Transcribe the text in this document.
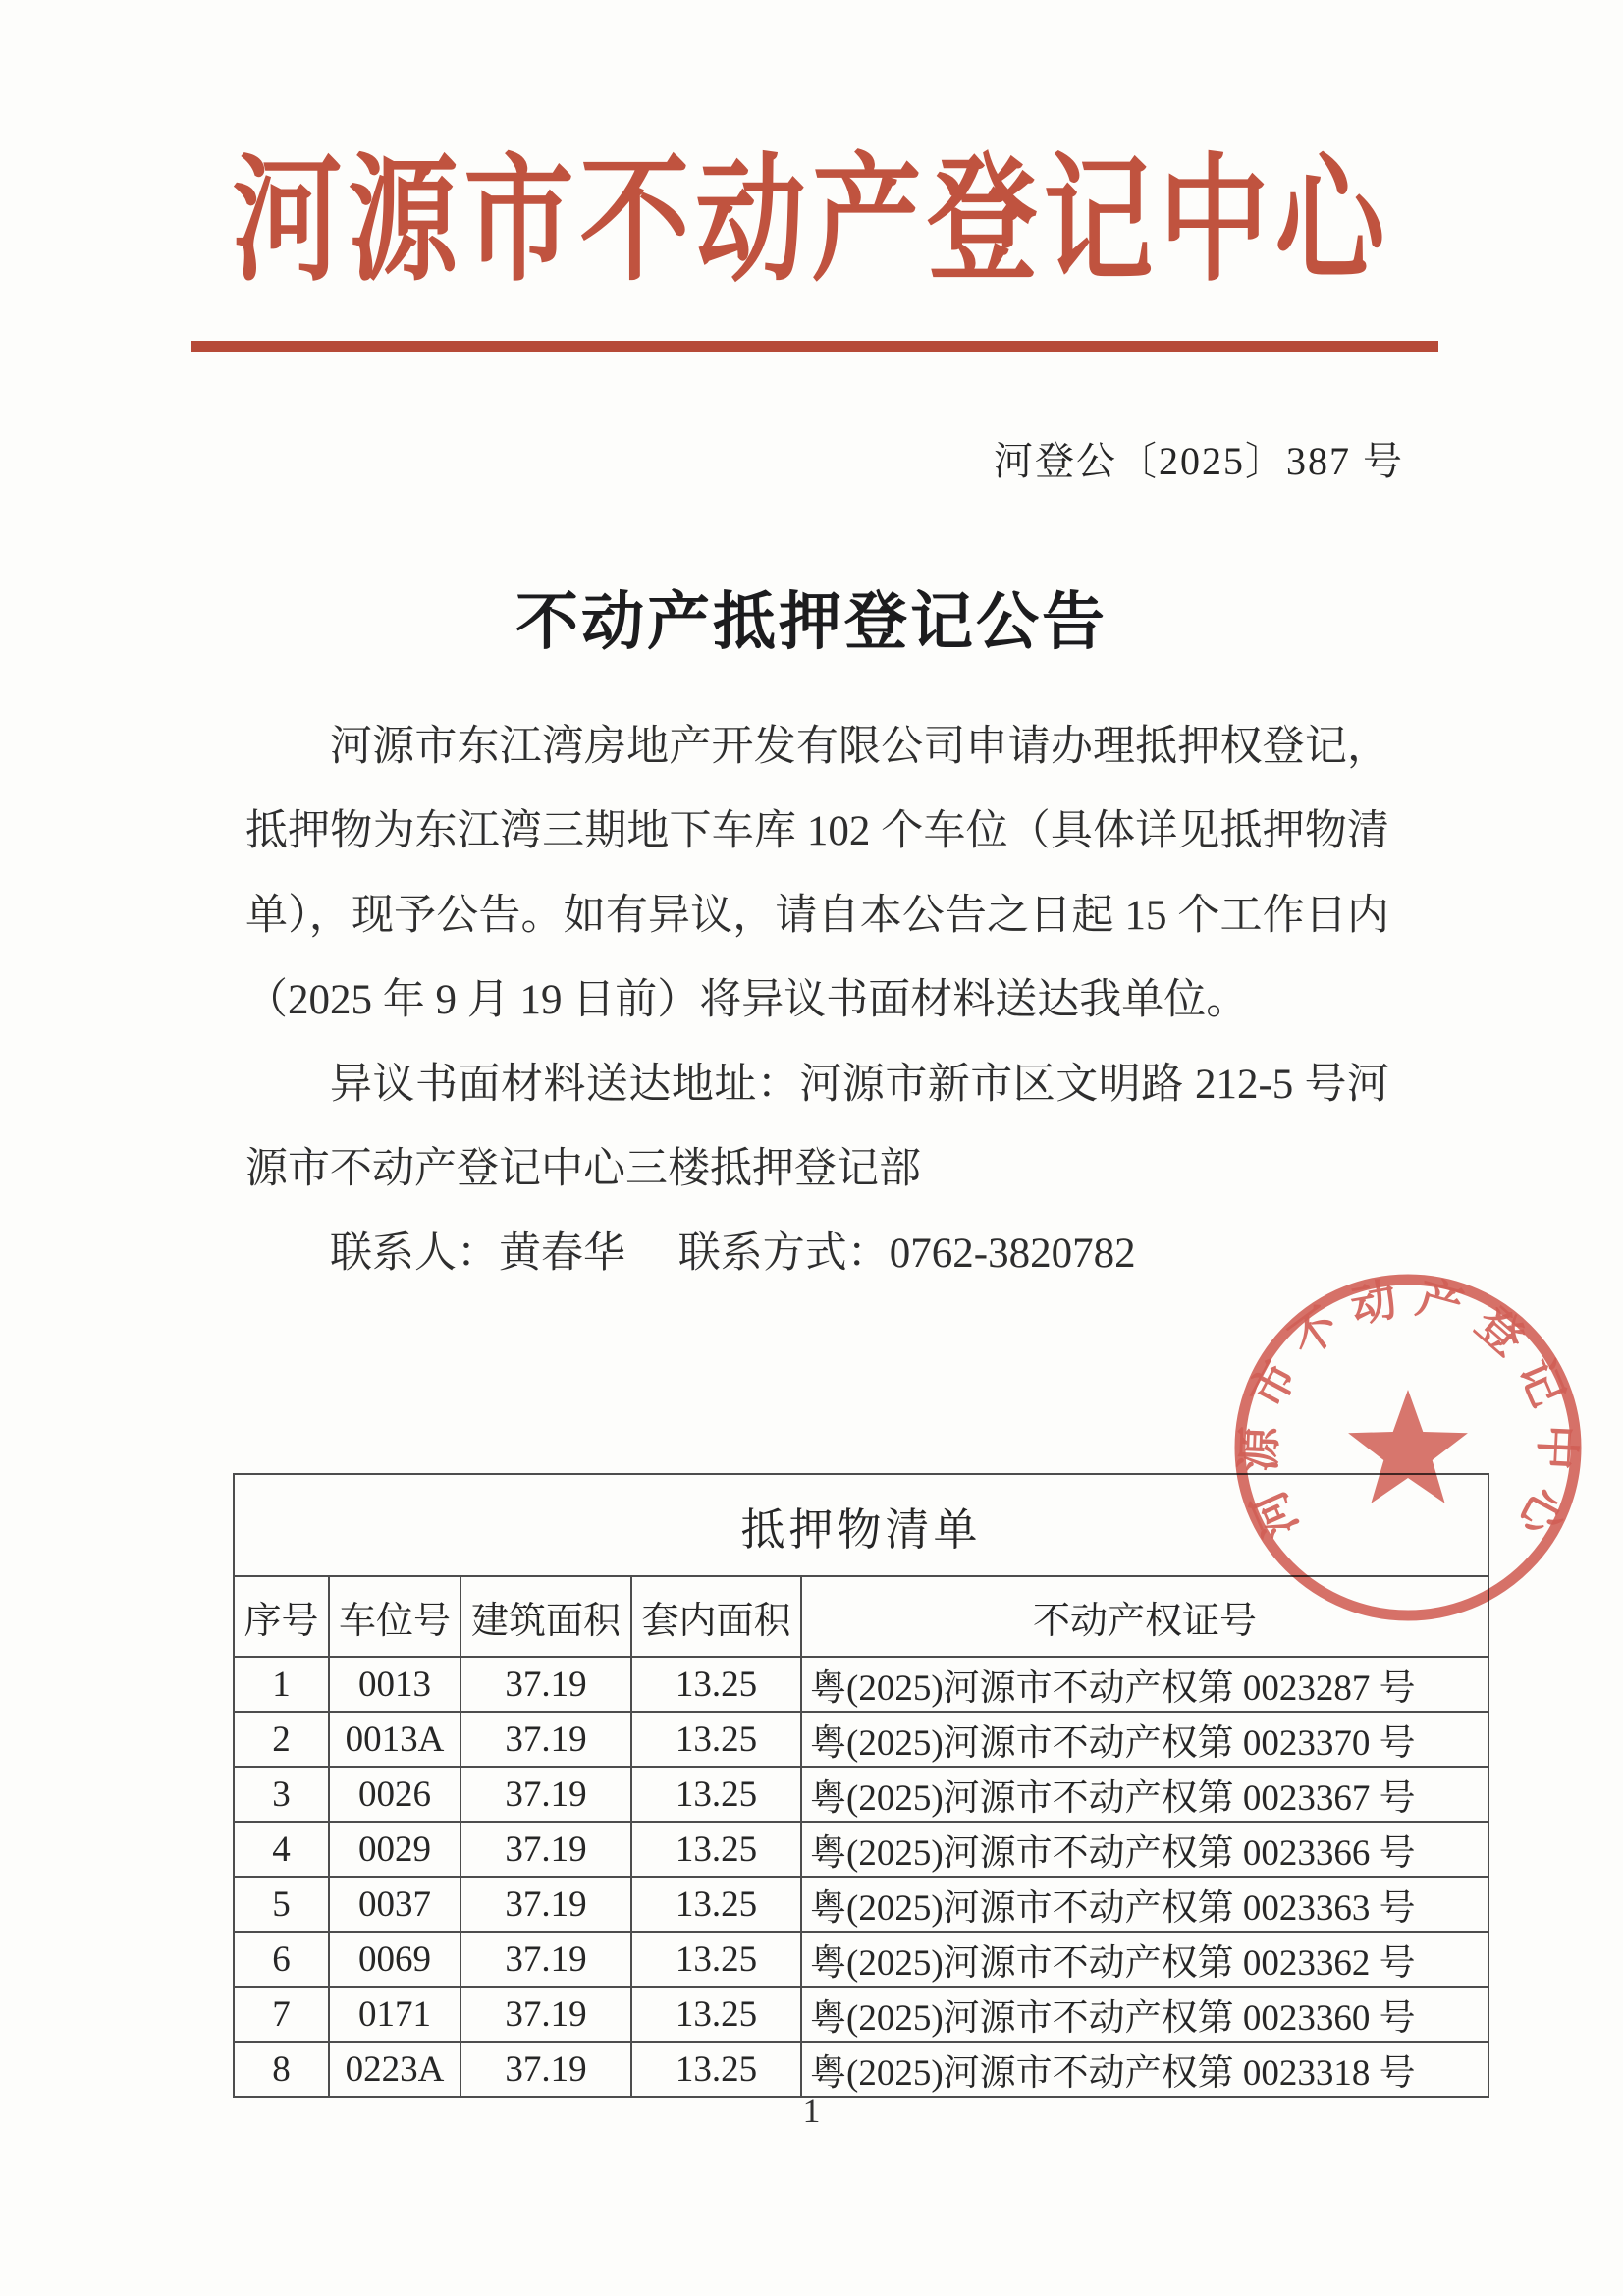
河源市不动产登记中心
河登公〔2025〕387 号
不动产抵押登记公告

河源市东江湾房地产开发有限公司申请办理抵押权登记，抵押物为东江湾三期地下车库 102 个车位（具体详见抵押物清单），现予公告。如有异议，请自本公告之日起 15 个工作日内（2025 年 9 月 19 日前）将异议书面材料送达我单位。

异议书面材料送达地址：河源市新市区文明路 212-5 号河源市不动产登记中心三楼抵押登记部

联系人：黄春华　 联系方式：0762-3820782

抵押物清单				
序号	车位号	建筑面积	套内面积	不动产权证号
1	0013	37.19	13.25	粤(2025)河源市不动产权第 0023287 号
2	0013A	37.19	13.25	粤(2025)河源市不动产权第 0023370 号
3	0026	37.19	13.25	粤(2025)河源市不动产权第 0023367 号
4	0029	37.19	13.25	粤(2025)河源市不动产权第 0023366 号
5	0037	37.19	13.25	粤(2025)河源市不动产权第 0023363 号
6	0069	37.19	13.25	粤(2025)河源市不动产权第 0023362 号
7	0171	37.19	13.25	粤(2025)河源市不动产权第 0023360 号
8	0223A	37.19	13.25	粤(2025)河源市不动产权第 0023318 号
河源市不动产登记中心
1
